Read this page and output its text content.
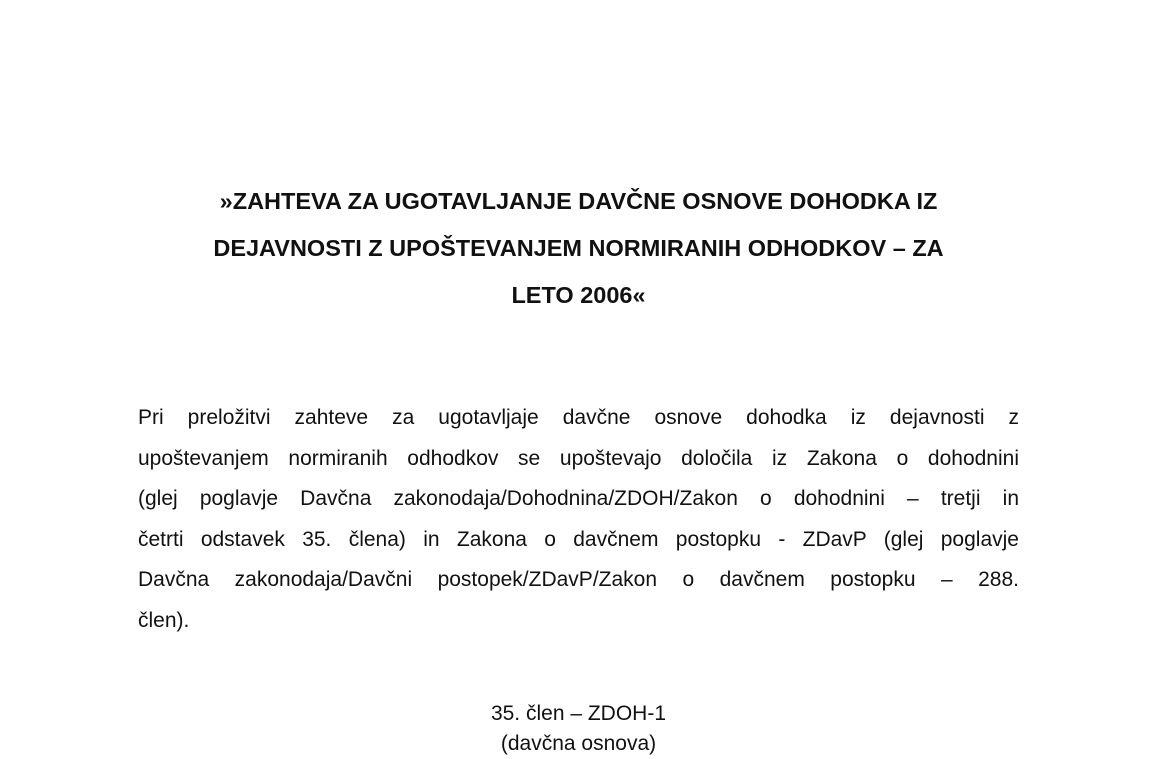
»ZAHTEVA ZA UGOTAVLJANJE DAVČNE OSNOVE DOHODKA IZ
DEJAVNOSTI Z UPOŠTEVANJEM NORMIRANIH ODHODKOV – ZA
LETO 2006«
Pri preložitvi zahteve za ugotavljaje davčne osnove dohodka iz dejavnosti z
upoštevanjem normiranih odhodkov se upoštevajo določila iz Zakona o dohodnini
(glej poglavje Davčna zakonodaja/Dohodnina/ZDOH/Zakon o dohodnini – tretji in
četrti odstavek 35. člena) in Zakona o davčnem postopku - ZDavP (glej poglavje
Davčna zakonodaja/Davčni postopek/ZDavP/Zakon o davčnem postopku – 288.
člen).
35. člen – ZDOH-1
(davčna osnova)
